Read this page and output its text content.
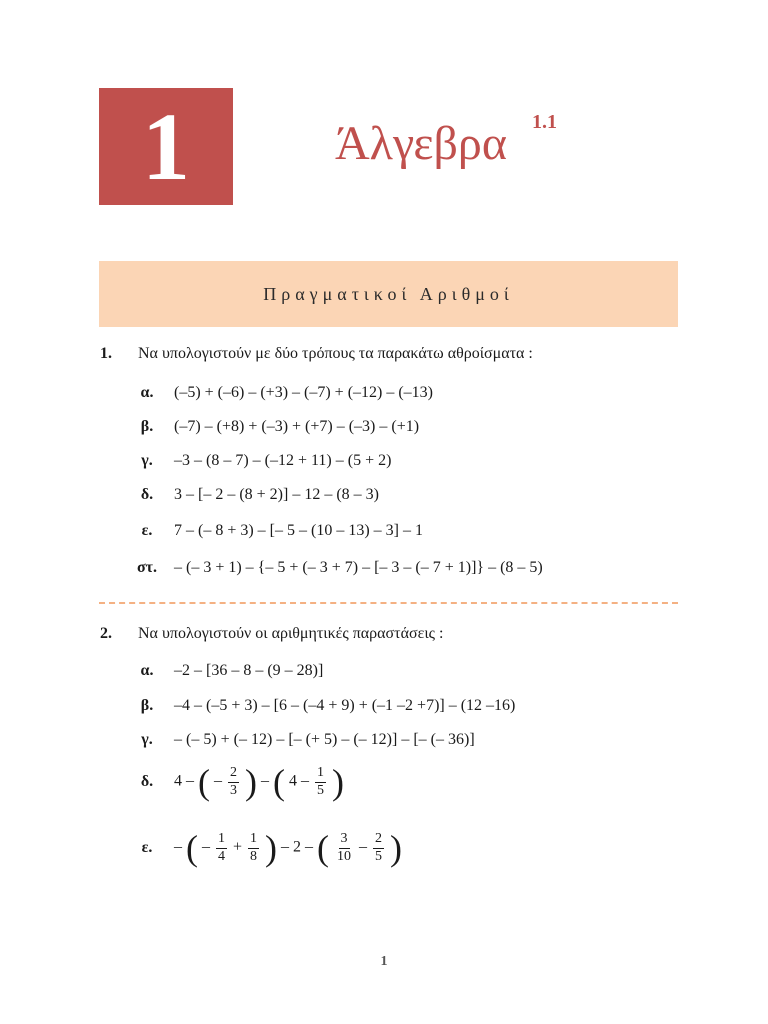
1	Άλγεβρα 1.1
Πραγματικοί Αριθμοί
1.	Να υπολογιστούν με δύο τρόπους τα παρακάτω αθροίσματα :
α.	(–5) + (–6) – (+3) – (–7) + (–12) – (–13)
β.	(–7) – (+8) + (–3) + (+7) – (–3) – (+1)
γ.	–3 – (8 – 7) – (–12 + 11) – (5 + 2)
δ.	3 – [– 2 – (8 + 2)] – 12 – (8 – 3)
ε.	7 – (– 8 + 3) – [– 5 – (10 – 13) – 3] – 1
στ.	– (– 3 + 1) – {– 5 + (– 3 + 7) – [– 3 – (– 7 + 1)]} – (8 – 5)
2.	Να υπολογιστούν οι αριθμητικές παραστάσεις :
α.	–2 – [36 – 8 – (9 – 28)]
β.	–4 – (–5 + 3) – [6 – (–4 + 9) + (–1 –2 +7)] – (12 –16)
γ.	– (– 5) + (– 12) – [– (+ 5) – (– 12)] – [– (– 36)]
δ.	4 – ( – $\frac{2}{3}$ ) – ( $4 - \frac{1}{5}$ )
ε.	– ( – $\frac{1}{4} + \frac{1}{8}$ ) – 2 – ( $\frac{3}{10} - \frac{2}{5}$ )
1
